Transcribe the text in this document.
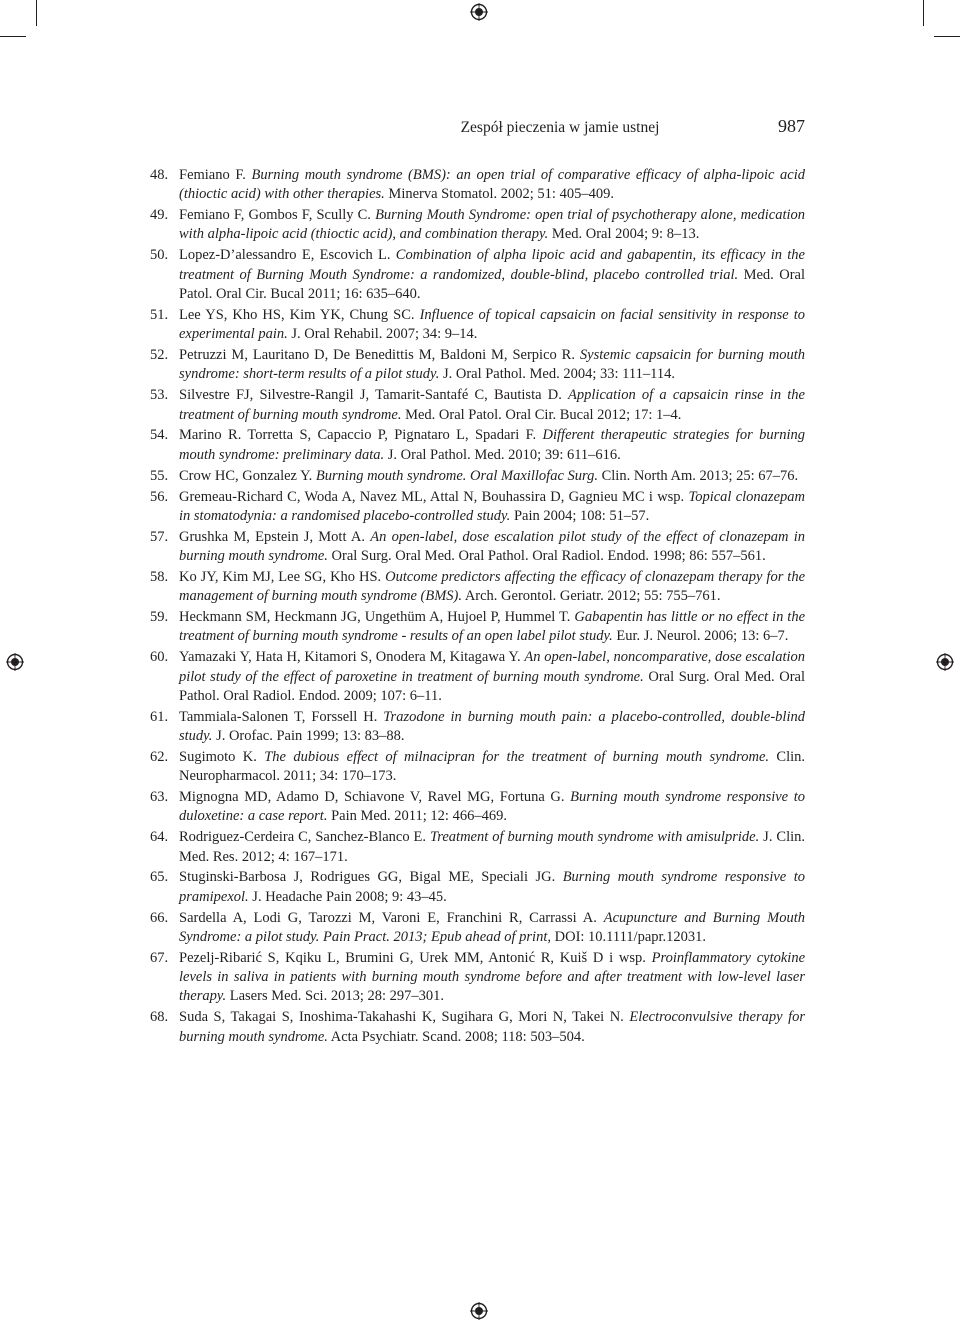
Zespół pieczenia w jamie ustnej	987
48. Femiano F. Burning mouth syndrome (BMS): an open trial of comparative efficacy of alpha-lipoic acid (thioctic acid) with other therapies. Minerva Stomatol. 2002; 51: 405–409.
49. Femiano F, Gombos F, Scully C. Burning Mouth Syndrome: open trial of psychotherapy alone, medication with alpha-lipoic acid (thioctic acid), and combination therapy. Med. Oral 2004; 9: 8–13.
50. Lopez-D’alessandro E, Escovich L. Combination of alpha lipoic acid and gabapentin, its efficacy in the treatment of Burning Mouth Syndrome: a randomized, double-blind, placebo controlled trial. Med. Oral Patol. Oral Cir. Bucal 2011; 16: 635–640.
51. Lee YS, Kho HS, Kim YK, Chung SC. Influence of topical capsaicin on facial sensitivity in response to experimental pain. J. Oral Rehabil. 2007; 34: 9–14.
52. Petruzzi M, Lauritano D, De Benedittis M, Baldoni M, Serpico R. Systemic capsaicin for burning mouth syndrome: short-term results of a pilot study. J. Oral Pathol. Med. 2004; 33: 111–114.
53. Silvestre FJ, Silvestre-Rangil J, Tamarit-Santafé C, Bautista D. Application of a capsaicin rinse in the treatment of burning mouth syndrome. Med. Oral Patol. Oral Cir. Bucal 2012; 17: 1–4.
54. Marino R. Torretta S, Capaccio P, Pignataro L, Spadari F. Different therapeutic strategies for burning mouth syndrome: preliminary data. J. Oral Pathol. Med. 2010; 39: 611–616.
55. Crow HC, Gonzalez Y. Burning mouth syndrome. Oral Maxillofac Surg. Clin. North Am. 2013; 25: 67–76.
56. Gremeau-Richard C, Woda A, Navez ML, Attal N, Bouhassira D, Gagnieu MC i wsp. Topical clonazepam in stomatodynia: a randomised placebo-controlled study. Pain 2004; 108: 51–57.
57. Grushka M, Epstein J, Mott A. An open-label, dose escalation pilot study of the effect of clonazepam in burning mouth syndrome. Oral Surg. Oral Med. Oral Pathol. Oral Radiol. Endod. 1998; 86: 557–561.
58. Ko JY, Kim MJ, Lee SG, Kho HS. Outcome predictors affecting the efficacy of clonazepam therapy for the management of burning mouth syndrome (BMS). Arch. Gerontol. Geriatr. 2012; 55: 755–761.
59. Heckmann SM, Heckmann JG, Ungethüm A, Hujoel P, Hummel T. Gabapentin has little or no effect in the treatment of burning mouth syndrome - results of an open label pilot study. Eur. J. Neurol. 2006; 13: 6–7.
60. Yamazaki Y, Hata H, Kitamori S, Onodera M, Kitagawa Y. An open-label, noncomparative, dose escalation pilot study of the effect of paroxetine in treatment of burning mouth syndrome. Oral Surg. Oral Med. Oral Pathol. Oral Radiol. Endod. 2009; 107: 6–11.
61. Tammiala-Salonen T, Forssell H. Trazodone in burning mouth pain: a placebo-controlled, double-blind study. J. Orofac. Pain 1999; 13: 83–88.
62. Sugimoto K. The dubious effect of milnacipran for the treatment of burning mouth syndrome. Clin. Neuropharmacol. 2011; 34: 170–173.
63. Mignogna MD, Adamo D, Schiavone V, Ravel MG, Fortuna G. Burning mouth syndrome responsive to duloxetine: a case report. Pain Med. 2011; 12: 466–469.
64. Rodriguez-Cerdeira C, Sanchez-Blanco E. Treatment of burning mouth syndrome with amisulpride. J. Clin. Med. Res. 2012; 4: 167–171.
65. Stuginski-Barbosa J, Rodrigues GG, Bigal ME, Speciali JG. Burning mouth syndrome responsive to pramipexol. J. Headache Pain 2008; 9: 43–45.
66. Sardella A, Lodi G, Tarozzi M, Varoni E, Franchini R, Carrassi A. Acupuncture and Burning Mouth Syndrome: a pilot study. Pain Pract. 2013; Epub ahead of print, DOI: 10.1111/papr.12031.
67. Pezelj-Ribarić S, Kqiku L, Brumini G, Urek MM, Antonić R, Kuiš D i wsp. Proinflammatory cytokine levels in saliva in patients with burning mouth syndrome before and after treatment with low-level laser therapy. Lasers Med. Sci. 2013; 28: 297–301.
68. Suda S, Takagai S, Inoshima-Takahashi K, Sugihara G, Mori N, Takei N. Electroconvulsive therapy for burning mouth syndrome. Acta Psychiatr. Scand. 2008; 118: 503–504.
